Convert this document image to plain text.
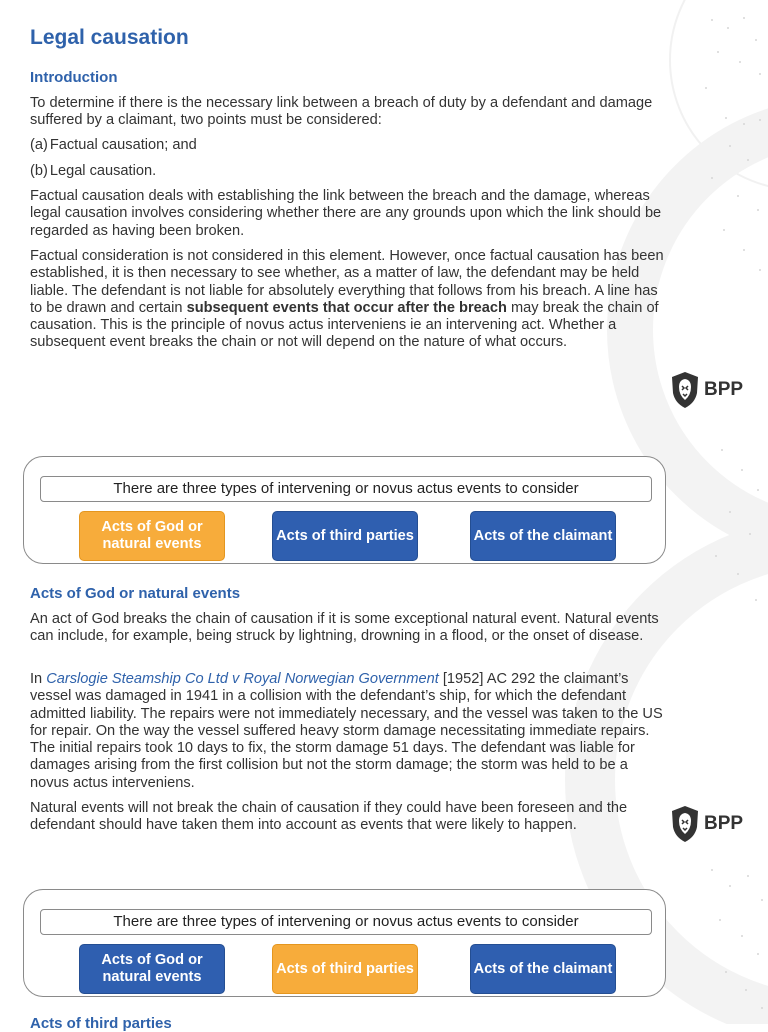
Legal causation
Introduction

To determine if there is the necessary link between a breach of duty by a defendant and damage suffered by a claimant, two points must be considered:

(a) Factual causation; and

(b) Legal causation.

Factual causation deals with establishing the link between the breach and the damage, whereas legal causation involves considering whether there are any grounds upon which the link should be regarded as having been broken.

Factual consideration is not considered in this element. However, once factual causation has been established, it is then necessary to see whether, as a matter of law, the defendant may be held liable. The defendant is not liable for absolutely everything that follows from his breach. A line has to be drawn and certain subsequent events that occur after the breach may break the chain of causation. This is the principle of novus actus interveniens ie an intervening act. Whether a subsequent event breaks the chain or not will depend on the nature of what occurs.

BPP
There are three types of intervening or novus actus events to consider
Acts of God or natural events
Acts of third parties	Acts of the claimant
Acts of God or natural events

An act of God breaks the chain of causation if it is some exceptional natural event. Natural events can include, for example, being struck by lightning, drowning in a flood, or the onset of disease.

In Carslogie Steamship Co Ltd v Royal Norwegian Government [1952] AC 292 the claimant’s vessel was damaged in 1941 in a collision with the defendant’s ship, for which the defendant admitted liability. The repairs were not immediately necessary, and the vessel was taken to the US for repair. On the way the vessel suffered heavy storm damage necessitating immediate repairs. The initial repairs took 10 days to fix, the storm damage 51 days. The defendant was liable for damages arising from the first collision but not the storm damage; the storm was held to be a novus actus interveniens.

Natural events will not break the chain of causation if they could have been foreseen and the defendant should have taken them into account as events that were likely to happen.	BPP
There are three types of intervening or novus actus events to consider
Acts of God or natural events
Acts of third parties	Acts of the claimant
Acts of third parties
